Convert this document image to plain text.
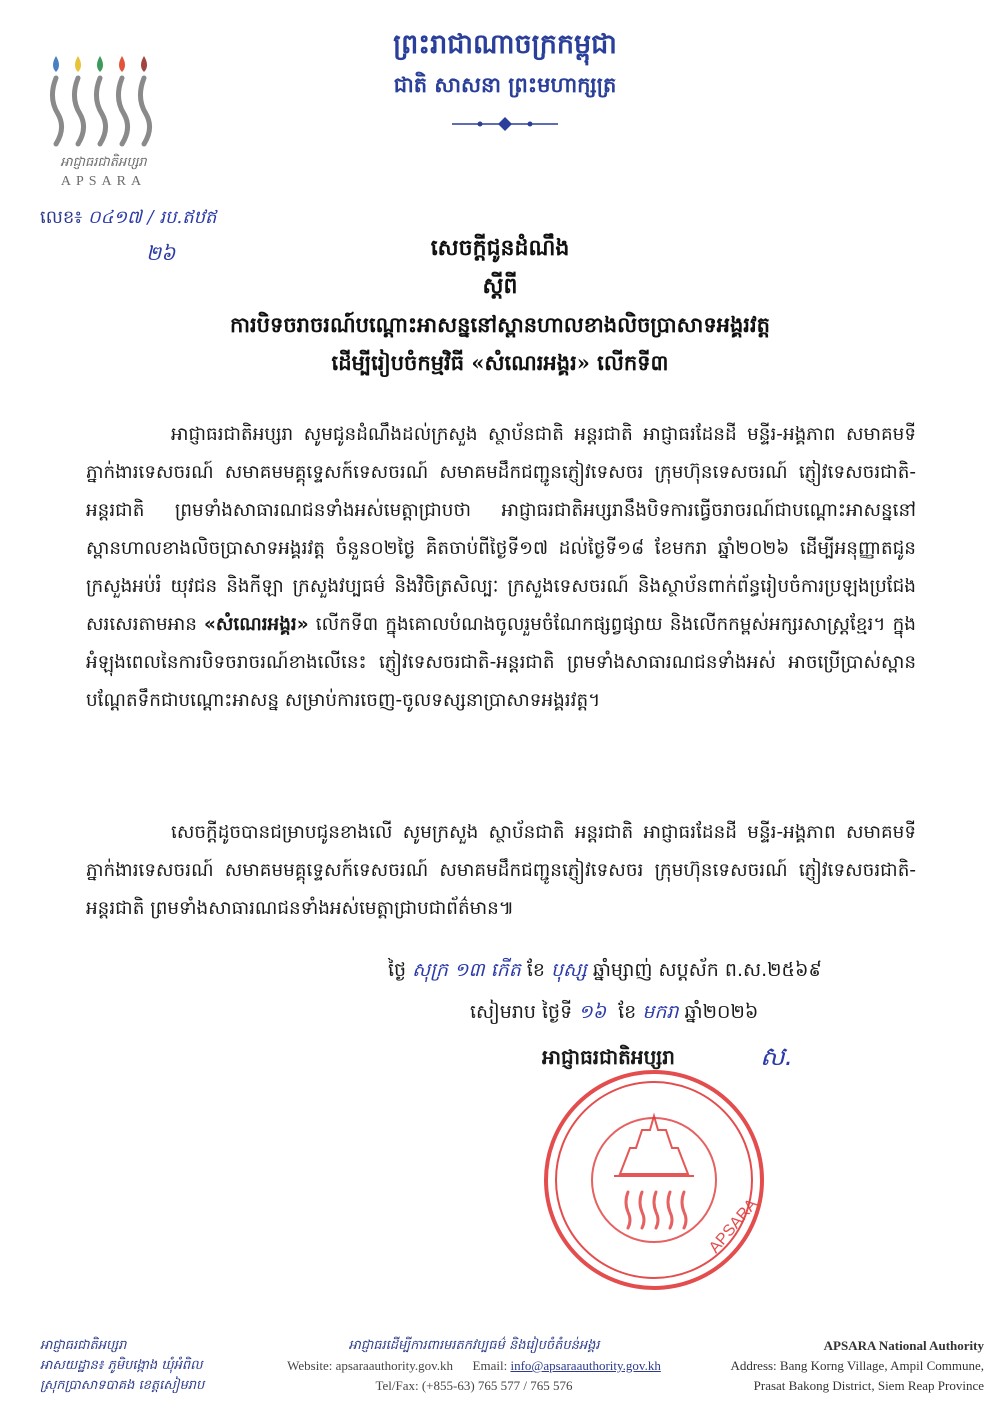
អាជ្ញាធរជាតិអប្សរា
APSARA
ព្រះរាជាណាចក្រកម្ពុជា
ជាតិ សាសនា ព្រះមហាក្សត្រ
លេខ៖ ០៤១៧ / រប.ឥឋឥ
២៦	សេចក្ដីជូនដំណឹង
ស្ដីពី
ការបិទចរាចរណ៍បណ្ដោះអាសន្ននៅស្ពានហាលខាងលិចប្រាសាទអង្គរវត្ត
ដើម្បីរៀបចំកម្មវិធី «សំណេរអង្គរ» លើកទី៣
អាជ្ញាធរជាតិអប្សរា សូមជូនដំណឹងដល់ក្រសួង ស្ថាប័នជាតិ អន្តរជាតិ អាជ្ញាធរដែនដី មន្ទីរ-អង្គភាព សមាគមទីភ្នាក់ងារទេសចរណ៍ សមាគមមគ្គុទ្ទេសក៍ទេសចរណ៍ សមាគមដឹកជញ្ជូនភ្ញៀវទេសចរ ក្រុមហ៊ុនទេសចរណ៍ ភ្ញៀវទេសចរជាតិ-អន្តរជាតិ ព្រមទាំងសាធារណជនទាំងអស់មេត្តាជ្រាបថា អាជ្ញាធរជាតិអប្សរានឹងបិទការធ្វើចរាចរណ៍ជាបណ្ដោះអាសន្ននៅស្ពានហាលខាងលិចប្រាសាទអង្គរវត្ត ចំនួន០២ថ្ងៃ គិតចាប់ពីថ្ងៃទី១៧ ដល់ថ្ងៃទី១៨ ខែមករា ឆ្នាំ២០២៦ ដើម្បីអនុញ្ញាតជូនក្រសួងអប់រំ យុវជន និងកីឡា ក្រសួងវប្បធម៌ និងវិចិត្រសិល្បៈ ក្រសួងទេសចរណ៍ និងស្ថាប័នពាក់ព័ន្ធរៀបចំការប្រឡងប្រជែងសរសេរតាមអាន «សំណេរអង្គរ» លើកទី៣ ក្នុងគោលបំណងចូលរួមចំណែកផ្សព្វផ្សាយ និងលើកកម្ពស់អក្សរសាស្ត្រខ្មែរ។ ក្នុងអំឡុងពេលនៃការបិទចរាចរណ៍ខាងលើនេះ ភ្ញៀវទេសចរជាតិ-អន្តរជាតិ ព្រមទាំងសាធារណជនទាំងអស់ អាចប្រើប្រាស់ស្ពានបណ្ដែតទឹកជាបណ្ដោះអាសន្ន សម្រាប់ការចេញ-ចូលទស្សនាប្រាសាទអង្គរវត្ត។
សេចក្ដីដូចបានជម្រាបជូនខាងលើ សូមក្រសួង ស្ថាប័នជាតិ អន្តរជាតិ អាជ្ញាធរដែនដី មន្ទីរ-អង្គភាព សមាគមទីភ្នាក់ងារទេសចរណ៍ សមាគមមគ្គុទ្ទេសក៍ទេសចរណ៍ សមាគមដឹកជញ្ជូនភ្ញៀវទេសចរ ក្រុមហ៊ុនទេសចរណ៍ ភ្ញៀវទេសចរជាតិ-អន្តរជាតិ ព្រមទាំងសាធារណជនទាំងអស់មេត្តាជ្រាបជាព័ត៌មាន៕
ថ្ងៃ សុក្រ ១៣ កើត ខែ បុស្ស ឆ្នាំម្សាញ់ សប្តស័ក ព.ស.២៥៦៩
សៀមរាប ថ្ងៃទី ១៦ ខែ មករា ឆ្នាំ២០២៦
អាជ្ញាធរជាតិអប្សរា	ស.
APSARA
អាជ្ញាធរជាតិអប្សរា
អាសយដ្ឋាន៖ ភូមិបង្កោង ឃុំអំពិល
ស្រុកប្រាសាទបាគង ខេត្តសៀមរាប
អាជ្ញាធរដើម្បីការពារមរតកវប្បធម៌ និងរៀបចំតំបន់អង្គរ
Website: apsaraauthority.gov.kh Email: info@apsaraauthority.gov.kh
Tel/Fax: (+855-63) 765 577 / 765 576
APSARA National Authority
Address: Bang Korng Village, Ampil Commune,
Prasat Bakong District, Siem Reap Province
